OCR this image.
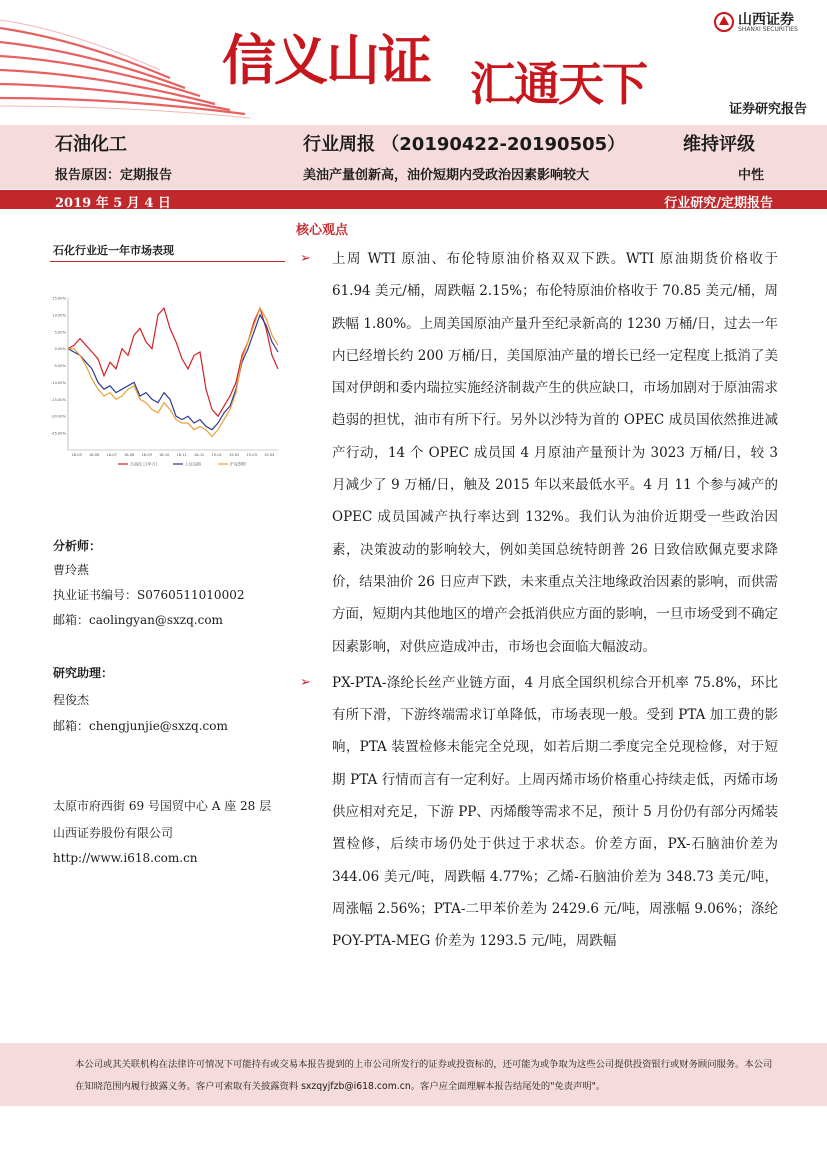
信义山证 汇通天下
山西证券
SHANXI SECURITIES
证券研究报告
石油化工	行业周报 （20190422-20190505）	维持评级
报告原因：定期报告	美油产量创新高，油价短期内受政治因素影响较大	中性
2019 年 5 月 4 日	行业研究/定期报告
石化行业近一年市场表现
15.00%
10.00%
5.00%
0.00%
-5.00%
-10.00%
-15.00%
-20.00%
-25.00%
18-05 18-06 18-07 18-08 18-09 18-10 18-11 18-12 19-01 19-02 19-03 19-04
石油化工(申万)	上证综指	沪深300
分析师：
曹玲燕
执业证书编号：S0760511010002
邮箱：caolingyan@sxzq.com
研究助理：
程俊杰
邮箱：chengjunjie@sxzq.com
太原市府西街 69 号国贸中心 A 座 28 层
山西证券股份有限公司
http://www.i618.com.cn
核心观点
➢ 上周 WTI 原油、布伦特原油价格双双下跌。WTI 原油期货价格收于 61.94 美元/桶，周跌幅 2.15%；布伦特原油价格收于 70.85 美元/桶，周跌幅 1.80%。上周美国原油产量升至纪录新高的 1230 万桶/日，过去一年内已经增长约 200 万桶/日，美国原油产量的增长已经一定程度上抵消了美国对伊朗和委内瑞拉实施经济制裁产生的供应缺口，市场加剧对于原油需求趋弱的担忧，油市有所下行。另外以沙特为首的 OPEC 成员国依然推进减产行动，14 个 OPEC 成员国 4 月原油产量预计为 3023 万桶/日，较 3 月减少了 9 万桶/日，触及 2015 年以来最低水平。4 月 11 个参与减产的 OPEC 成员国减产执行率达到 132%。我们认为油价近期受一些政治因素，决策波动的影响较大，例如美国总统特朗普 26 日致信欧佩克要求降价，结果油价 26 日应声下跌，未来重点关注地缘政治因素的影响，而供需方面，短期内其他地区的增产会抵消供应方面的影响，一旦市场受到不确定因素影响，对供应造成冲击，市场也会面临大幅波动。
➢ PX-PTA-涤纶长丝产业链方面，4 月底全国织机综合开机率 75.8%，环比有所下滑，下游终端需求订单降低，市场表现一般。受到 PTA 加工费的影响，PTA 装置检修未能完全兑现，如若后期二季度完全兑现检修，对于短期 PTA 行情而言有一定利好。上周丙烯市场价格重心持续走低，丙烯市场供应相对充足，下游 PP、丙烯酸等需求不足，预计 5 月份仍有部分丙烯装置检修，后续市场仍处于供过于求状态。价差方面，PX-石脑油价差为 344.06 美元/吨，周跌幅 4.77%；乙烯-石脑油价差为 348.73 美元/吨，周涨幅 2.56%；PTA-二甲苯价差为 2429.6 元/吨，周涨幅 9.06%；涤纶 POY-PTA-MEG 价差为 1293.5 元/吨，周跌幅
本公司或其关联机构在法律许可情况下可能持有或交易本报告提到的上市公司所发行的证券或投资标的，还可能为或争取为这些公司提供投资银行或财务顾问服务。本公司在知晓范围内履行披露义务。客户可索取有关披露资料 sxzqyjfzb@i618.com.cn。客户应全面理解本报告结尾处的"免责声明"。
